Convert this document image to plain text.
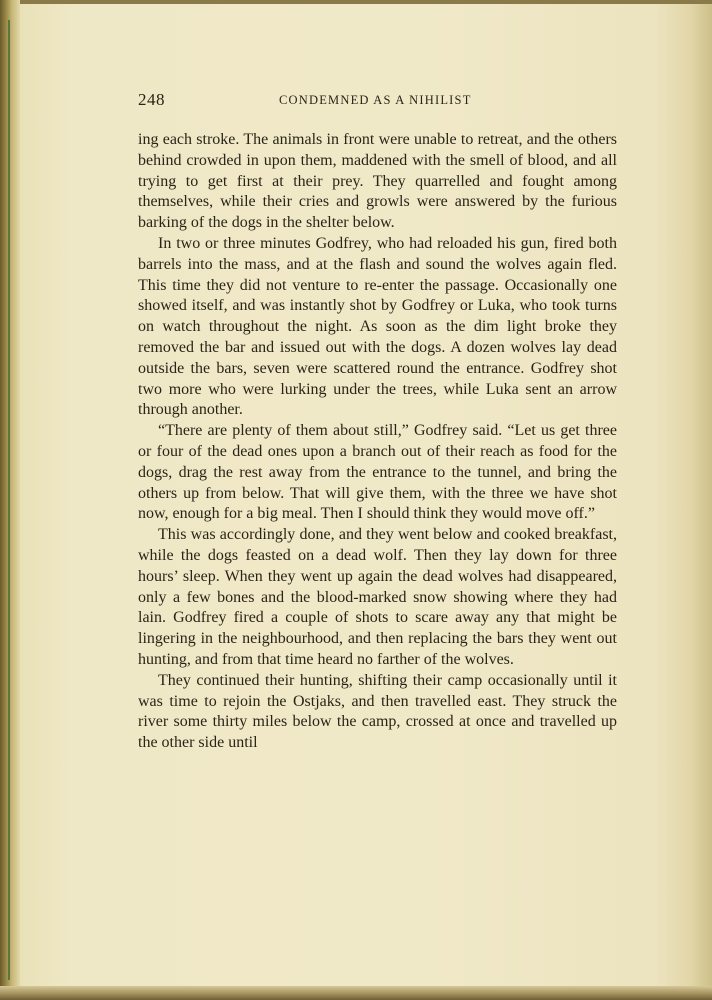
248	CONDEMNED AS A NIHILIST

ing each stroke. The animals in front were unable to retreat, and the others behind crowded in upon them, maddened with the smell of blood, and all trying to get first at their prey. They quarrelled and fought among themselves, while their cries and growls were answered by the furious barking of the dogs in the shelter below.

In two or three minutes Godfrey, who had reloaded his gun, fired both barrels into the mass, and at the flash and sound the wolves again fled. This time they did not venture to re-enter the passage. Occasionally one showed itself, and was instantly shot by Godfrey or Luka, who took turns on watch throughout the night. As soon as the dim light broke they removed the bar and issued out with the dogs. A dozen wolves lay dead outside the bars, seven were scattered round the entrance. Godfrey shot two more who were lurking under the trees, while Luka sent an arrow through another.

“There are plenty of them about still,” Godfrey said. “Let us get three or four of the dead ones upon a branch out of their reach as food for the dogs, drag the rest away from the entrance to the tunnel, and bring the others up from below. That will give them, with the three we have shot now, enough for a big meal. Then I should think they would move off.”

This was accordingly done, and they went below and cooked breakfast, while the dogs feasted on a dead wolf. Then they lay down for three hours’ sleep. When they went up again the dead wolves had disappeared, only a few bones and the blood-marked snow showing where they had lain. Godfrey fired a couple of shots to scare away any that might be lingering in the neighbourhood, and then replacing the bars they went out hunting, and from that time heard no farther of the wolves.

They continued their hunting, shifting their camp occasionally until it was time to rejoin the Ostjaks, and then travelled east. They struck the river some thirty miles below the camp, crossed at once and travelled up the other side until
